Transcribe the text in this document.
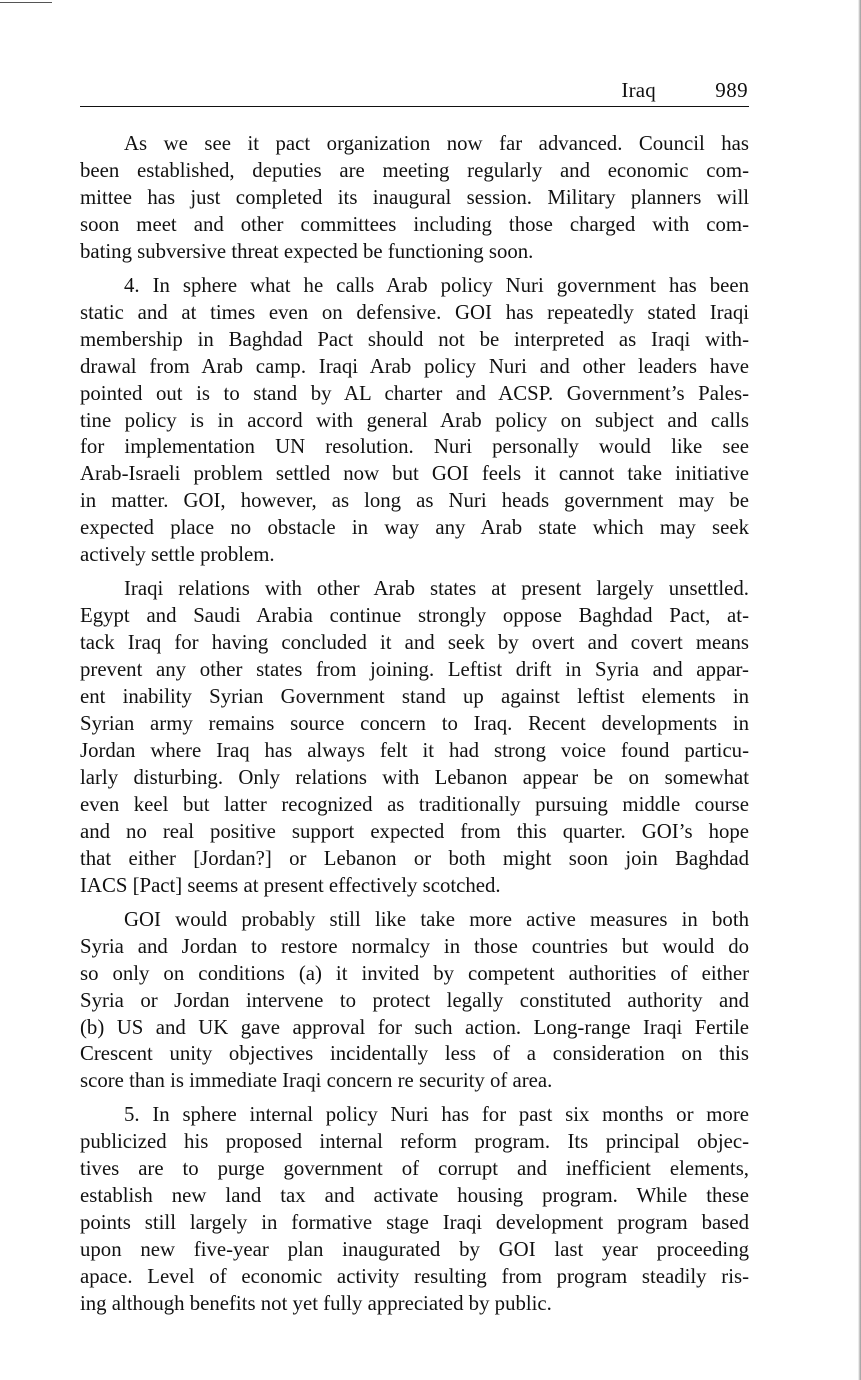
Iraq	989

As we see it pact organization now far advanced. Council has
been established, deputies are meeting regularly and economic com-
mittee has just completed its inaugural session. Military planners will
soon meet and other committees including those charged with com-
bating subversive threat expected be functioning soon.

4. In sphere what he calls Arab policy Nuri government has been
static and at times even on defensive. GOI has repeatedly stated Iraqi
membership in Baghdad Pact should not be interpreted as Iraqi with-
drawal from Arab camp. Iraqi Arab policy Nuri and other leaders have
pointed out is to stand by AL charter and ACSP. Government’s Pales-
tine policy is in accord with general Arab policy on subject and calls
for implementation UN resolution. Nuri personally would like see
Arab-Israeli problem settled now but GOI feels it cannot take initiative
in matter. GOI, however, as long as Nuri heads government may be
expected place no obstacle in way any Arab state which may seek
actively settle problem.

Iraqi relations with other Arab states at present largely unsettled.
Egypt and Saudi Arabia continue strongly oppose Baghdad Pact, at-
tack Iraq for having concluded it and seek by overt and covert means
prevent any other states from joining. Leftist drift in Syria and appar-
ent inability Syrian Government stand up against leftist elements in
Syrian army remains source concern to Iraq. Recent developments in
Jordan where Iraq has always felt it had strong voice found particu-
larly disturbing. Only relations with Lebanon appear be on somewhat
even keel but latter recognized as traditionally pursuing middle course
and no real positive support expected from this quarter. GOI’s hope
that either [Jordan?] or Lebanon or both might soon join Baghdad
IACS [Pact] seems at present effectively scotched.

GOI would probably still like take more active measures in both
Syria and Jordan to restore normalcy in those countries but would do
so only on conditions (a) it invited by competent authorities of either
Syria or Jordan intervene to protect legally constituted authority and
(b) US and UK gave approval for such action. Long-range Iraqi Fertile
Crescent unity objectives incidentally less of a consideration on this
score than is immediate Iraqi concern re security of area.

5. In sphere internal policy Nuri has for past six months or more
publicized his proposed internal reform program. Its principal objec-
tives are to purge government of corrupt and inefficient elements,
establish new land tax and activate housing program. While these
points still largely in formative stage Iraqi development program based
upon new five-year plan inaugurated by GOI last year proceeding
apace. Level of economic activity resulting from program steadily ris-
ing although benefits not yet fully appreciated by public.
